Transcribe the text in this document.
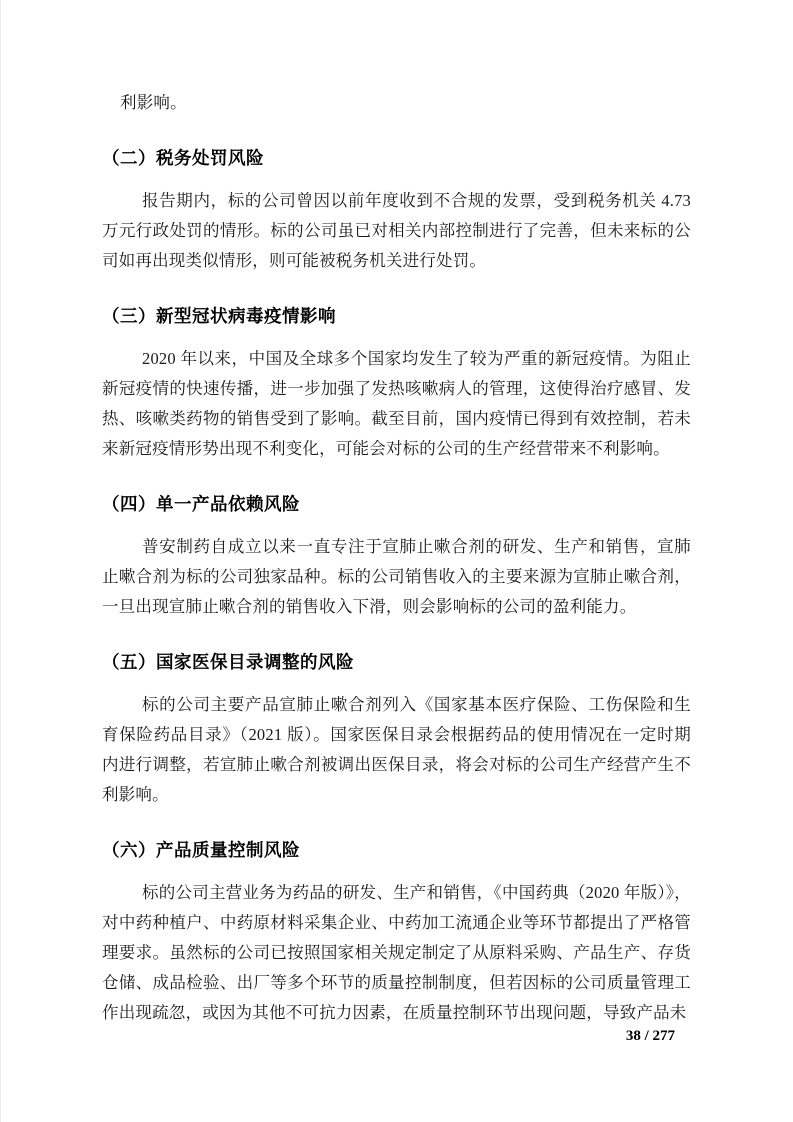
利影响。

（二）税务处罚风险

报告期内，标的公司曾因以前年度收到不合规的发票，受到税务机关 4.73 万元行政处罚的情形。标的公司虽已对相关内部控制进行了完善，但未来标的公司如再出现类似情形，则可能被税务机关进行处罚。

（三）新型冠状病毒疫情影响

2020 年以来，中国及全球多个国家均发生了较为严重的新冠疫情。为阻止新冠疫情的快速传播，进一步加强了发热咳嗽病人的管理，这使得治疗感冒、发热、咳嗽类药物的销售受到了影响。截至目前，国内疫情已得到有效控制，若未来新冠疫情形势出现不利变化，可能会对标的公司的生产经营带来不利影响。

（四）单一产品依赖风险

普安制药自成立以来一直专注于宣肺止嗽合剂的研发、生产和销售，宣肺止嗽合剂为标的公司独家品种。标的公司销售收入的主要来源为宣肺止嗽合剂，一旦出现宣肺止嗽合剂的销售收入下滑，则会影响标的公司的盈利能力。

（五）国家医保目录调整的风险

标的公司主要产品宣肺止嗽合剂列入《国家基本医疗保险、工伤保险和生育保险药品目录》（2021 版）。国家医保目录会根据药品的使用情况在一定时期内进行调整，若宣肺止嗽合剂被调出医保目录，将会对标的公司生产经营产生不利影响。

（六）产品质量控制风险

标的公司主营业务为药品的研发、生产和销售，《中国药典（2020 年版）》，对中药种植户、中药原材料采集企业、中药加工流通企业等环节都提出了严格管理要求。虽然标的公司已按照国家相关规定制定了从原料采购、产品生产、存货仓储、成品检验、出厂等多个环节的质量控制制度，但若因标的公司质量管理工作出现疏忽，或因为其他不可抗力因素，在质量控制环节出现问题，导致产品未

38 / 277
